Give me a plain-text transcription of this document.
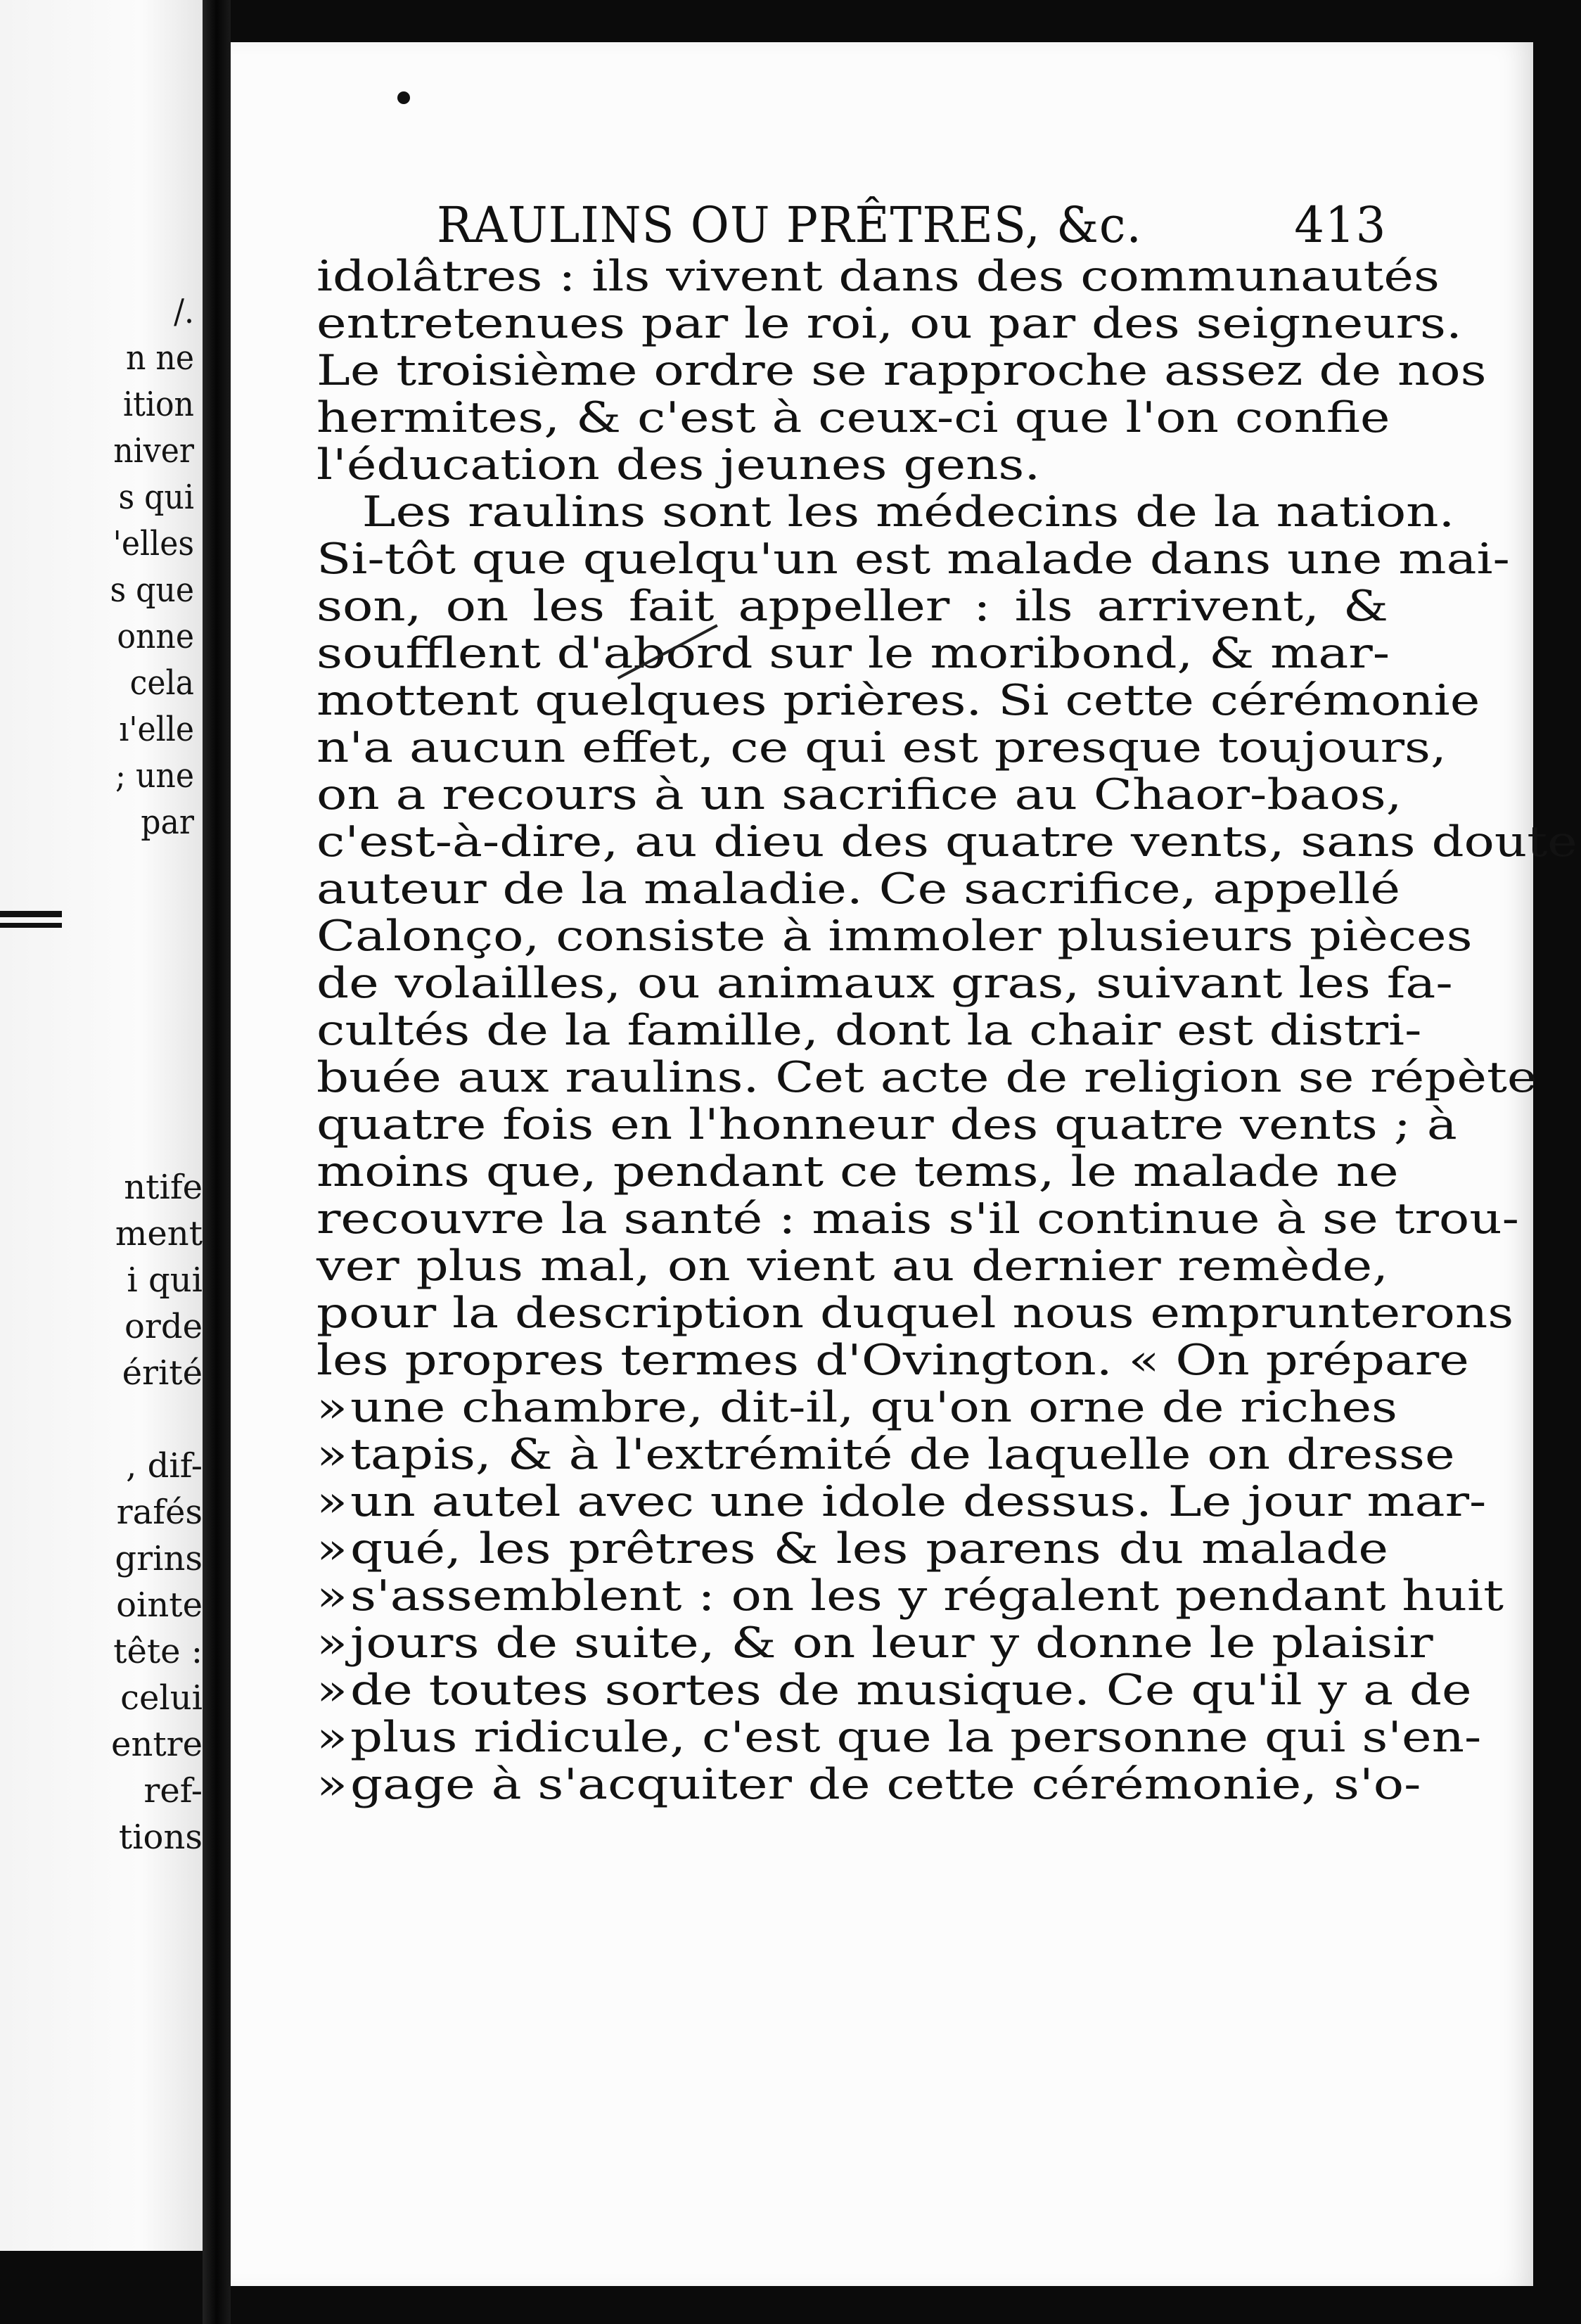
/.
n ne
ition
niver
s qui
'elles
s que
onne
cela
ı'elle
; une
par
ntife
ment
i qui
orde
érité
, dif-
rafés
grins
ointe
tête :
celui
entre
ref-
tions
RAULINS OU PRÊTRES, &c.	413
idolâtres : ils vivent dans des communautés
entretenues par le roi, ou par des seigneurs.
Le troisième ordre se rapproche assez de nos
hermites, & c'est à ceux-ci que l'on confie
l'éducation des jeunes gens.
Les raulins sont les médecins de la nation.
Si-tôt que quelqu'un est malade dans une mai-
son, on les fait appeller : ils arrivent, &
soufflent d'abord sur le moribond, & mar-
mottent quelques prières. Si cette cérémonie
n'a aucun effet, ce qui est presque toujours,
on a recours à un sacrifice au Chaor-baos,
c'est-à-dire, au dieu des quatre vents, sans doute
auteur de la maladie. Ce sacrifice, appellé
Calonço, consiste à immoler plusieurs pièces
de volailles, ou animaux gras, suivant les fa-
cultés de la famille, dont la chair est distri-
buée aux raulins. Cet acte de religion se répète
quatre fois en l'honneur des quatre vents ; à
moins que, pendant ce tems, le malade ne
recouvre la santé : mais s'il continue à se trou-
ver plus mal, on vient au dernier remède,
pour la description duquel nous emprunterons
les propres termes d'Ovington. « On prépare
»une chambre, dit-il, qu'on orne de riches
»tapis, & à l'extrémité de laquelle on dresse
»un autel avec une idole dessus. Le jour mar-
»qué, les prêtres & les parens du malade
»s'assemblent : on les y régalent pendant huit
»jours de suite, & on leur y donne le plaisir
»de toutes sortes de musique. Ce qu'il y a de
»plus ridicule, c'est que la personne qui s'en-
»gage à s'acquiter de cette cérémonie, s'o-
